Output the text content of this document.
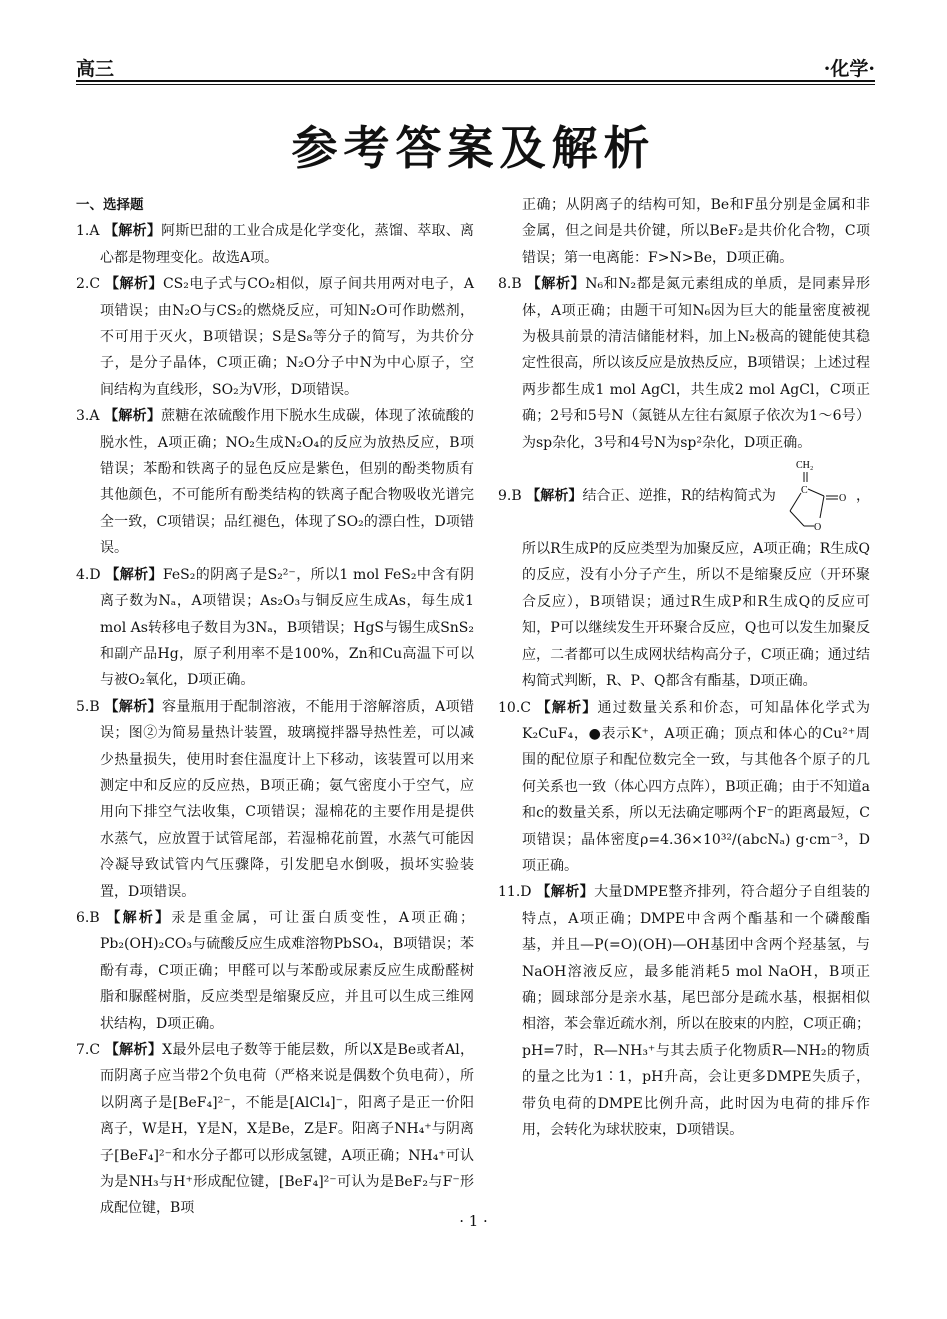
高三	·化学·
参考答案及解析

一、选择题

1.A 【解析】阿斯巴甜的工业合成是化学变化，蒸馏、萃取、离心都是物理变化。故选A项。

2.C 【解析】CS₂电子式与CO₂相似，原子间共用两对电子，A项错误；由N₂O与CS₂的燃烧反应，可知N₂O可作助燃剂，不可用于灭火，B项错误；S是S₈等分子的简写，为共价分子，是分子晶体，C项正确；N₂O分子中N为中心原子，空间结构为直线形，SO₂为V形，D项错误。

3.A 【解析】蔗糖在浓硫酸作用下脱水生成碳，体现了浓硫酸的脱水性，A项正确；NO₂生成N₂O₄的反应为放热反应，B项错误；苯酚和铁离子的显色反应是紫色，但别的酚类物质有其他颜色，不可能所有酚类结构的铁离子配合物吸收光谱完全一致，C项错误；品红褪色，体现了SO₂的漂白性，D项错误。

4.D 【解析】FeS₂的阴离子是S₂²⁻，所以1 mol FeS₂中含有阴离子数为Nₐ，A项错误；As₂O₃与铜反应生成As，每生成1 mol As转移电子数目为3Nₐ，B项错误；HgS与锡生成SnS₂和副产品Hg，原子利用率不是100%，Zn和Cu高温下可以与被O₂氧化，D项正确。

5.B 【解析】容量瓶用于配制溶液，不能用于溶解溶质，A项错误；图②为简易量热计装置，玻璃搅拌器导热性差，可以减少热量损失，使用时套住温度计上下移动，该装置可以用来测定中和反应的反应热，B项正确；氨气密度小于空气，应用向下排空气法收集，C项错误；湿棉花的主要作用是提供水蒸气，应放置于试管尾部，若湿棉花前置，水蒸气可能因冷凝导致试管内气压骤降，引发肥皂水倒吸，损坏实验装置，D项错误。

6.B 【解析】汞是重金属，可让蛋白质变性，A项正确；Pb₂(OH)₂CO₃与硫酸反应生成难溶物PbSO₄，B项错误；苯酚有毒，C项正确；甲醛可以与苯酚或尿素反应生成酚醛树脂和脲醛树脂，反应类型是缩聚反应，并且可以生成三维网状结构，D项正确。

7.C 【解析】X最外层电子数等于能层数，所以X是Be或者Al，而阴离子应当带2个负电荷（严格来说是偶数个负电荷），所以阴离子是[BeF₄]²⁻，不能是[AlCl₄]⁻，阳离子是正一价阳离子，W是H，Y是N，X是Be，Z是F。阳离子NH₄⁺与阴离子[BeF₄]²⁻和水分子都可以形成氢键，A项正确；NH₄⁺可认为是NH₃与H⁺形成配位键，[BeF₄]²⁻可认为是BeF₂与F⁻形成配位键，B项

正确；从阴离子的结构可知，Be和F虽分别是金属和非金属，但之间是共价键，所以BeF₂是共价化合物，C项错误；第一电离能：F>N>Be，D项正确。

8.B 【解析】N₆和N₂都是氮元素组成的单质，是同素异形体，A项正确；由题干可知N₆因为巨大的能量密度被视为极具前景的清洁储能材料，加上N₂极高的键能使其稳定性很高，所以该反应是放热反应，B项错误；上述过程两步都生成1 mol AgCl，共生成2 mol AgCl，C项正确；2号和5号N（氮链从左往右氮原子依次为1～6号）为sp杂化，3号和4号N为sp²杂化，D项正确。

9.B 【解析】结合正、逆推，R的结构简式为
CH₂
C
O
O
，所以R生成P的反应类型为加聚反应，A项正确；R生成Q的反应，没有小分子产生，所以不是缩聚反应（开环聚合反应），B项错误；通过R生成P和R生成Q的反应可知，P可以继续发生开环聚合反应，Q也可以发生加聚反应，二者都可以生成网状结构高分子，C项正确；通过结构简式判断，R、P、Q都含有酯基，D项正确。

10.C 【解析】通过数量关系和价态，可知晶体化学式为K₂CuF₄，●表示K⁺，A项正确；顶点和体心的Cu²⁺周围的配位原子和配位数完全一致，与其他各个原子的几何关系也一致（体心四方点阵），B项正确；由于不知道a和c的数量关系，所以无法确定哪两个F⁻的距离最短，C项错误；晶体密度ρ=4.36×10³²/(abcNₐ) g·cm⁻³，D项正确。

11.D 【解析】大量DMPE整齐排列，符合超分子自组装的特点，A项正确；DMPE中含两个酯基和一个磷酸酯基，并且—P(=O)(OH)—OH基团中含两个羟基氢，与NaOH溶液反应，最多能消耗5 mol NaOH，B项正确；圆球部分是亲水基，尾巴部分是疏水基，根据相似相溶，苯会靠近疏水剂，所以在胶束的内腔，C项正确；pH=7时，R—NH₃⁺与其去质子化物质R—NH₂的物质的量之比为1∶1，pH升高，会让更多DMPE失质子，带负电荷的DMPE比例升高，此时因为电荷的排斥作用，会转化为球状胶束，D项错误。

· 1 ·
